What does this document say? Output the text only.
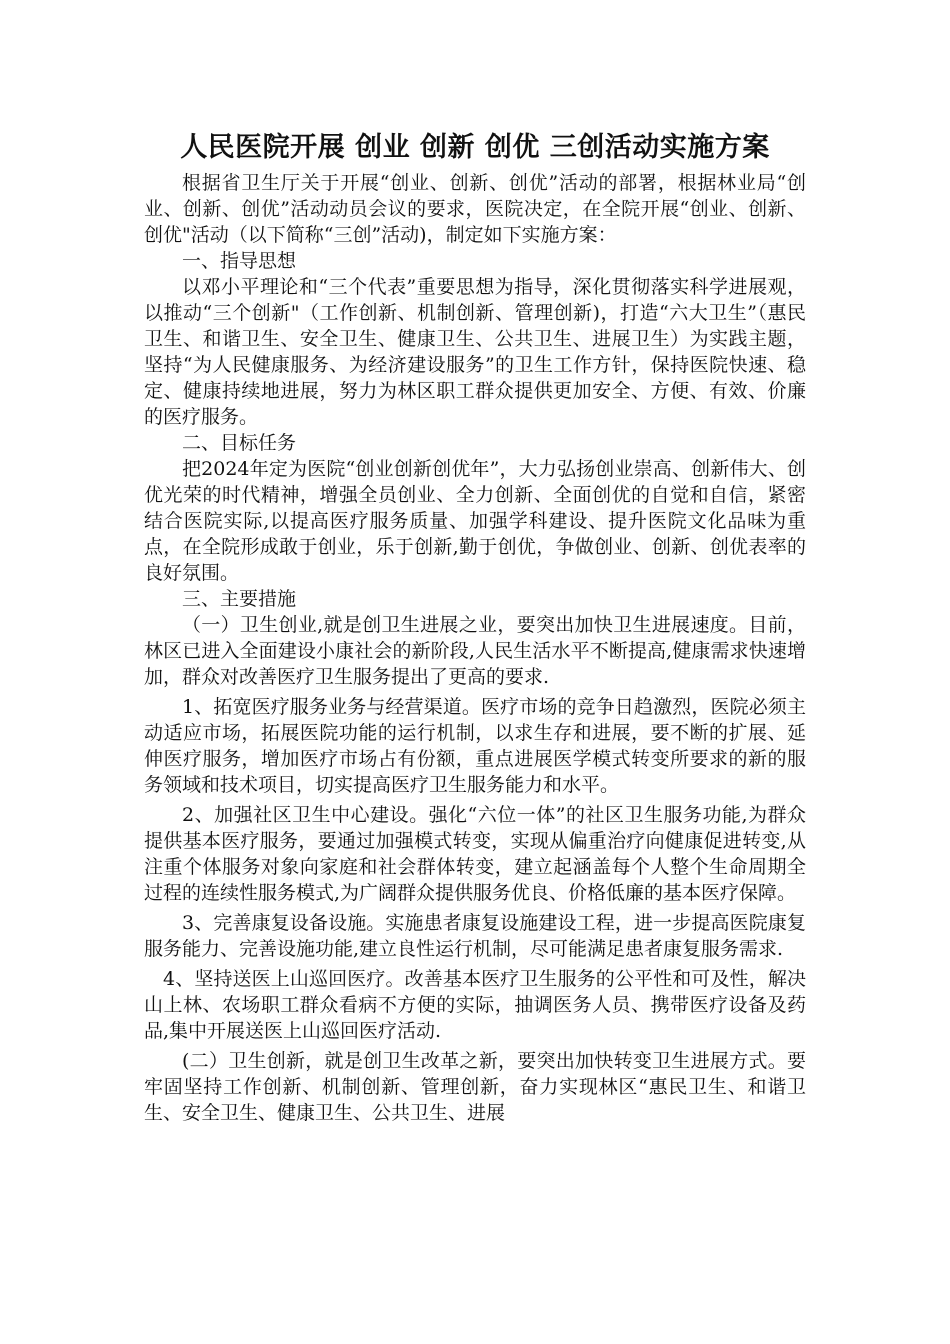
人民医院开展 创业 创新 创优 三创活动实施方案

根据省卫生厅关于开展“创业、创新、创优”活动的部署，根据林业局“创业、创新、创优”活动动员会议的要求，医院决定，在全院开展“创业、创新、创优"活动（以下简称“三创”活动)，制定如下实施方案：

一、指导思想

以邓小平理论和“三个代表”重要思想为指导，深化贯彻落实科学进展观，以推动“三个创新"（工作创新、机制创新、管理创新)，打造“六大卫生”（惠民卫生、和谐卫生、安全卫生、健康卫生、公共卫生、进展卫生）为实践主题，坚持“为人民健康服务、为经济建设服务”的卫生工作方针，保持医院快速、稳定、健康持续地进展，努力为林区职工群众提供更加安全、方便、有效、价廉的医疗服务。

二、目标任务

把2024年定为医院“创业创新创优年”，大力弘扬创业崇高、创新伟大、创优光荣的时代精神，增强全员创业、全力创新、全面创优的自觉和自信，紧密结合医院实际,以提高医疗服务质量、加强学科建设、提升医院文化品味为重点，在全院形成敢于创业，乐于创新,勤于创优，争做创业、创新、创优表率的良好氛围。

三、主要措施

（一）卫生创业,就是创卫生进展之业，要突出加快卫生进展速度。目前，林区已进入全面建设小康社会的新阶段,人民生活水平不断提高,健康需求快速增加，群众对改善医疗卫生服务提出了更高的要求.

1、拓宽医疗服务业务与经营渠道。医疗市场的竞争日趋激烈，医院必须主动适应市场，拓展医院功能的运行机制，以求生存和进展，要不断的扩展、延伸医疗服务，增加医疗市场占有份额，重点进展医学模式转变所要求的新的服务领域和技术项目，切实提高医疗卫生服务能力和水平。

2、加强社区卫生中心建设。强化“六位一体”的社区卫生服务功能,为群众提供基本医疗服务，要通过加强模式转变，实现从偏重治疗向健康促进转变,从注重个体服务对象向家庭和社会群体转变，建立起涵盖每个人整个生命周期全过程的连续性服务模式,为广阔群众提供服务优良、价格低廉的基本医疗保障。

3、完善康复设备设施。实施患者康复设施建设工程，进一步提高医院康复服务能力、完善设施功能,建立良性运行机制，尽可能满足患者康复服务需求.

4、坚持送医上山巡回医疗。改善基本医疗卫生服务的公平性和可及性，解决山上林、农场职工群众看病不方便的实际，抽调医务人员、携带医疗设备及药品,集中开展送医上山巡回医疗活动.

(二）卫生创新，就是创卫生改革之新，要突出加快转变卫生进展方式。要牢固坚持工作创新、机制创新、管理创新，奋力实现林区“惠民卫生、和谐卫生、安全卫生、健康卫生、公共卫生、进展
